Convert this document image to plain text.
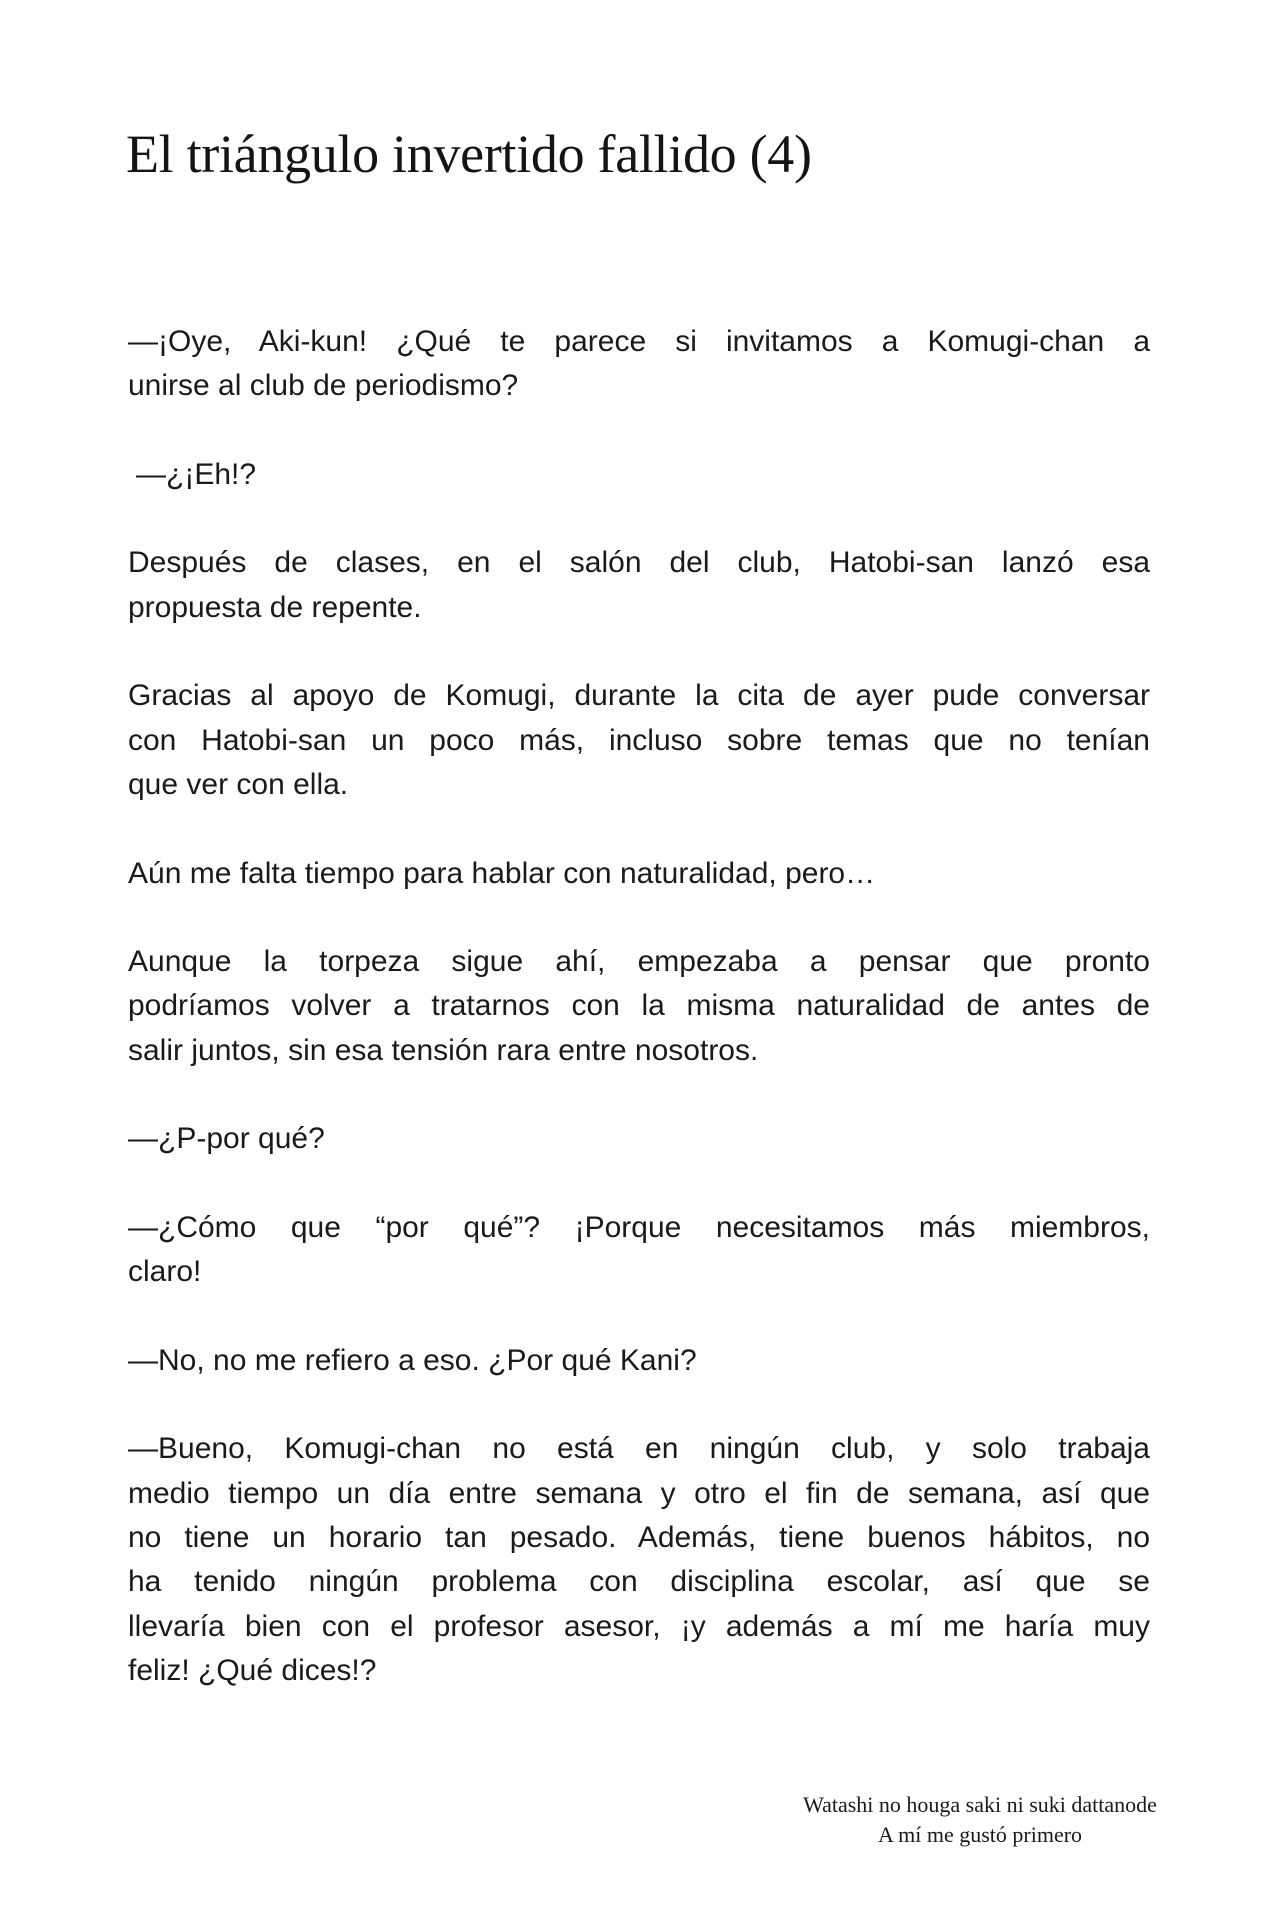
El triángulo invertido fallido (4)

—¡Oye, Aki-kun! ¿Qué te parece si invitamos a Komugi-chan a
unirse al club de periodismo?

—¿¡Eh!?

Después de clases, en el salón del club, Hatobi-san lanzó esa
propuesta de repente.

Gracias al apoyo de Komugi, durante la cita de ayer pude conversar
con Hatobi-san un poco más, incluso sobre temas que no tenían
que ver con ella.

Aún me falta tiempo para hablar con naturalidad, pero…

Aunque la torpeza sigue ahí, empezaba a pensar que pronto
podríamos volver a tratarnos con la misma naturalidad de antes de
salir juntos, sin esa tensión rara entre nosotros.

—¿P-por qué?

—¿Cómo que “por qué”? ¡Porque necesitamos más miembros,
claro!

—No, no me refiero a eso. ¿Por qué Kani?

—Bueno, Komugi-chan no está en ningún club, y solo trabaja
medio tiempo un día entre semana y otro el fin de semana, así que
no tiene un horario tan pesado. Además, tiene buenos hábitos, no
ha tenido ningún problema con disciplina escolar, así que se
llevaría bien con el profesor asesor, ¡y además a mí me haría muy
feliz! ¿Qué dices!?

Watashi no houga saki ni suki dattanode
A mí me gustó primero
